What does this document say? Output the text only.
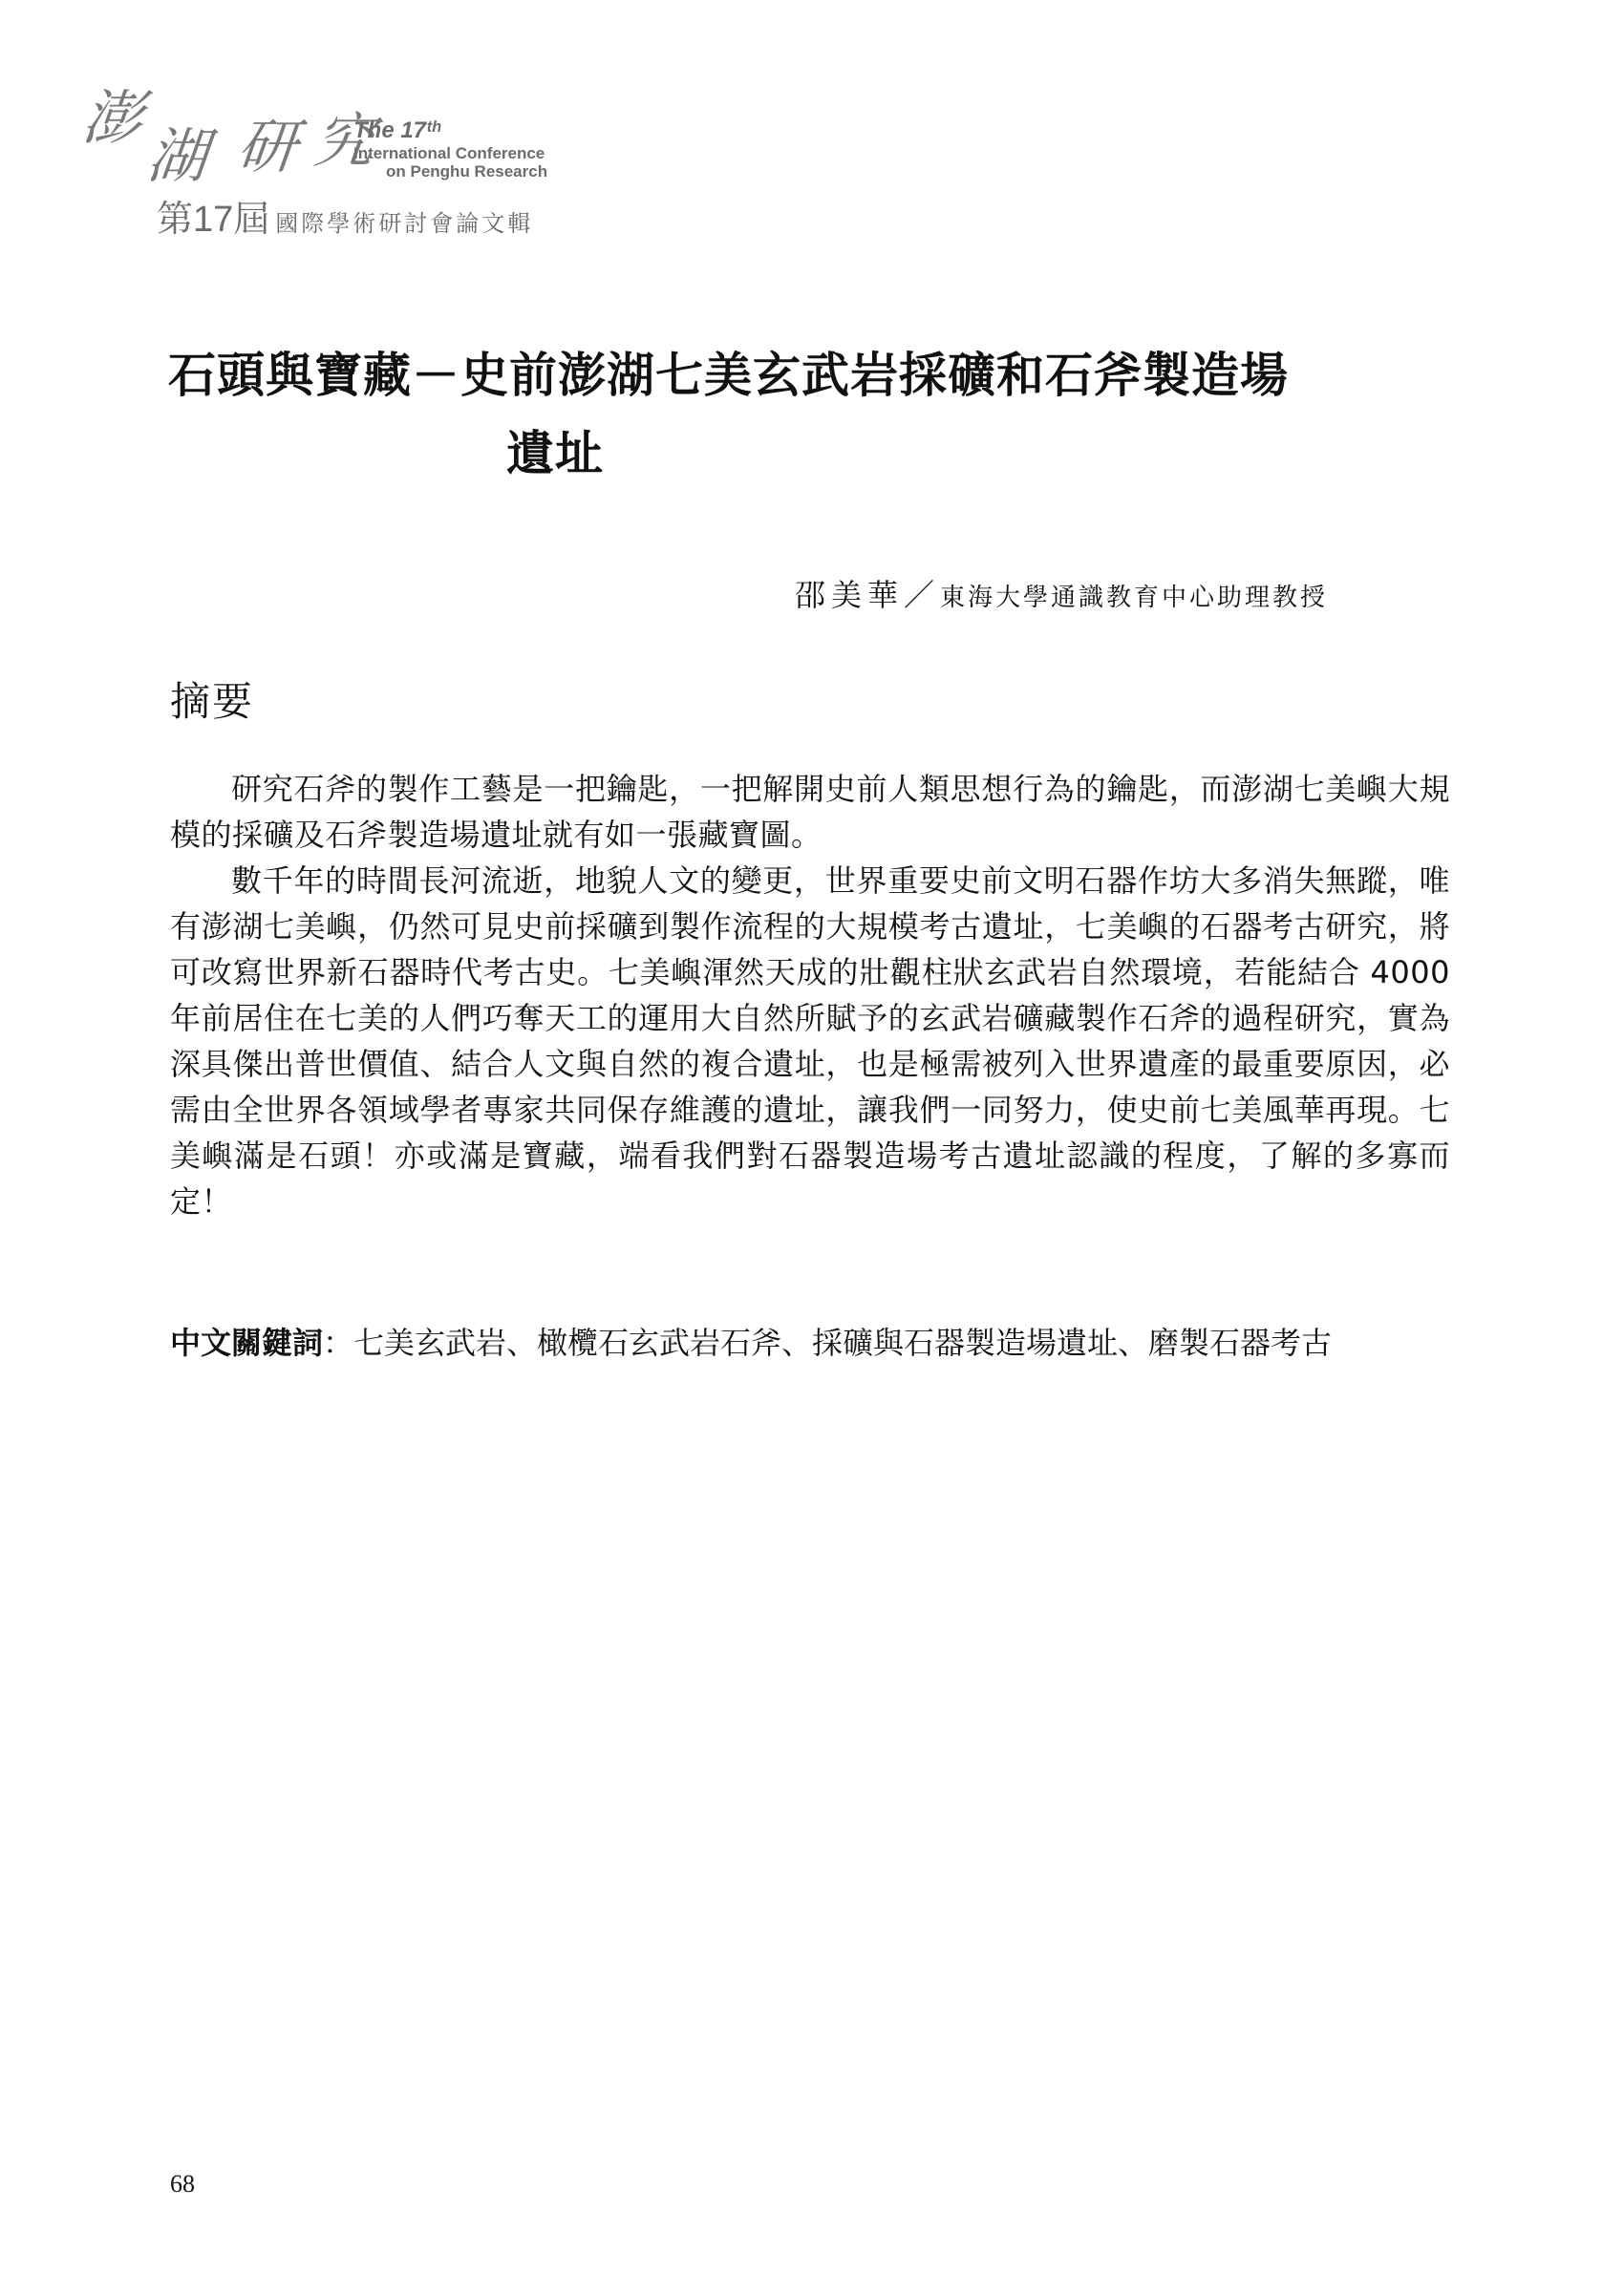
澎
湖 研 究
The 17ᵗʰ
International Conference
on Penghu Research
第17屆 國際學術研討會論文輯
石頭與寶藏－史前澎湖七美玄武岩採礦和石斧製造場
遺址
邵美華／東海大學通識教育中心助理教授
摘要

研究石斧的製作工藝是一把鑰匙，一把解開史前人類思想行為的鑰匙，而澎湖七美嶼大規模的採礦及石斧製造場遺址就有如一張藏寶圖。

數千年的時間長河流逝，地貌人文的變更，世界重要史前文明石器作坊大多消失無蹤，唯有澎湖七美嶼，仍然可見史前採礦到製作流程的大規模考古遺址，七美嶼的石器考古研究，將可改寫世界新石器時代考古史。七美嶼渾然天成的壯觀柱狀玄武岩自然環境，若能結合 4000 年前居住在七美的人們巧奪天工的運用大自然所賦予的玄武岩礦藏製作石斧的過程研究，實為深具傑出普世價值、結合人文與自然的複合遺址，也是極需被列入世界遺產的最重要原因，必需由全世界各領域學者專家共同保存維護的遺址，讓我們一同努力，使史前七美風華再現。七美嶼滿是石頭！亦或滿是寶藏，端看我們對石器製造場考古遺址認識的程度，了解的多寡而定！

中文關鍵詞 ： 七美玄武岩、橄欖石玄武岩石斧、採礦與石器製造場遺址、磨製石器考古
68
